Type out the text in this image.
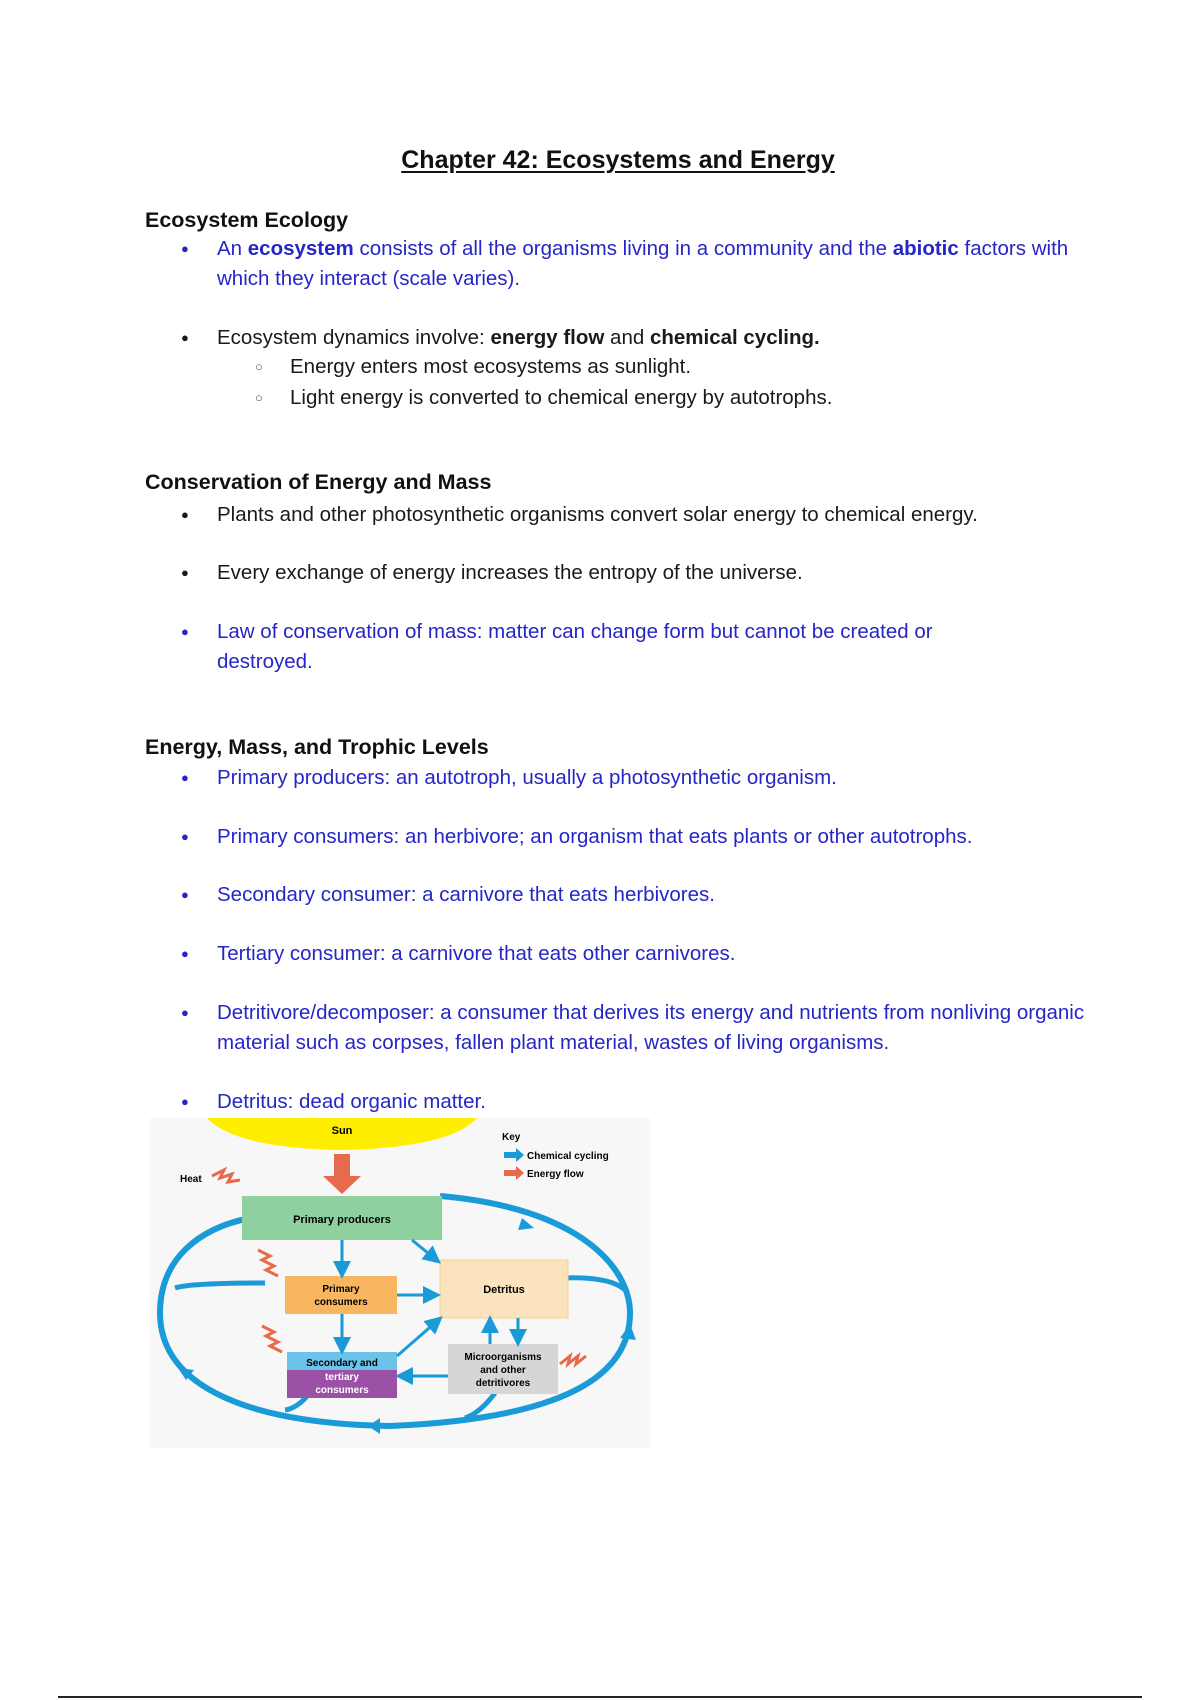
Chapter 42: Ecosystems and Energy
Ecosystem Ecology
● An ecosystem consists of all the organisms living in a community and the abiotic factors with which they interact (scale varies).
● Ecosystem dynamics involve: energy flow and chemical cycling.
○ Energy enters most ecosystems as sunlight.
○ Light energy is converted to chemical energy by autotrophs.
Conservation of Energy and Mass
● Plants and other photosynthetic organisms convert solar energy to chemical energy.
● Every exchange of energy increases the entropy of the universe.
● Law of conservation of mass: matter can change form but cannot be created or destroyed.
Energy, Mass, and Trophic Levels
● Primary producers: an autotroph, usually a photosynthetic organism.
● Primary consumers: an herbivore; an organism that eats plants or other autotrophs.
● Secondary consumer: a carnivore that eats herbivores.
● Tertiary consumer: a carnivore that eats other carnivores.
● Detritivore/decomposer: a consumer that derives its energy and nutrients from nonliving organic material such as corpses, fallen plant material, wastes of living organisms.
● Detritus: dead organic matter.
Sun
Heat
Key
Chemical cycling
Energy flow
Primary producers
Primary
consumers
Detritus
Secondary and
tertiary
consumers
Microorganisms
and other
detritivores
